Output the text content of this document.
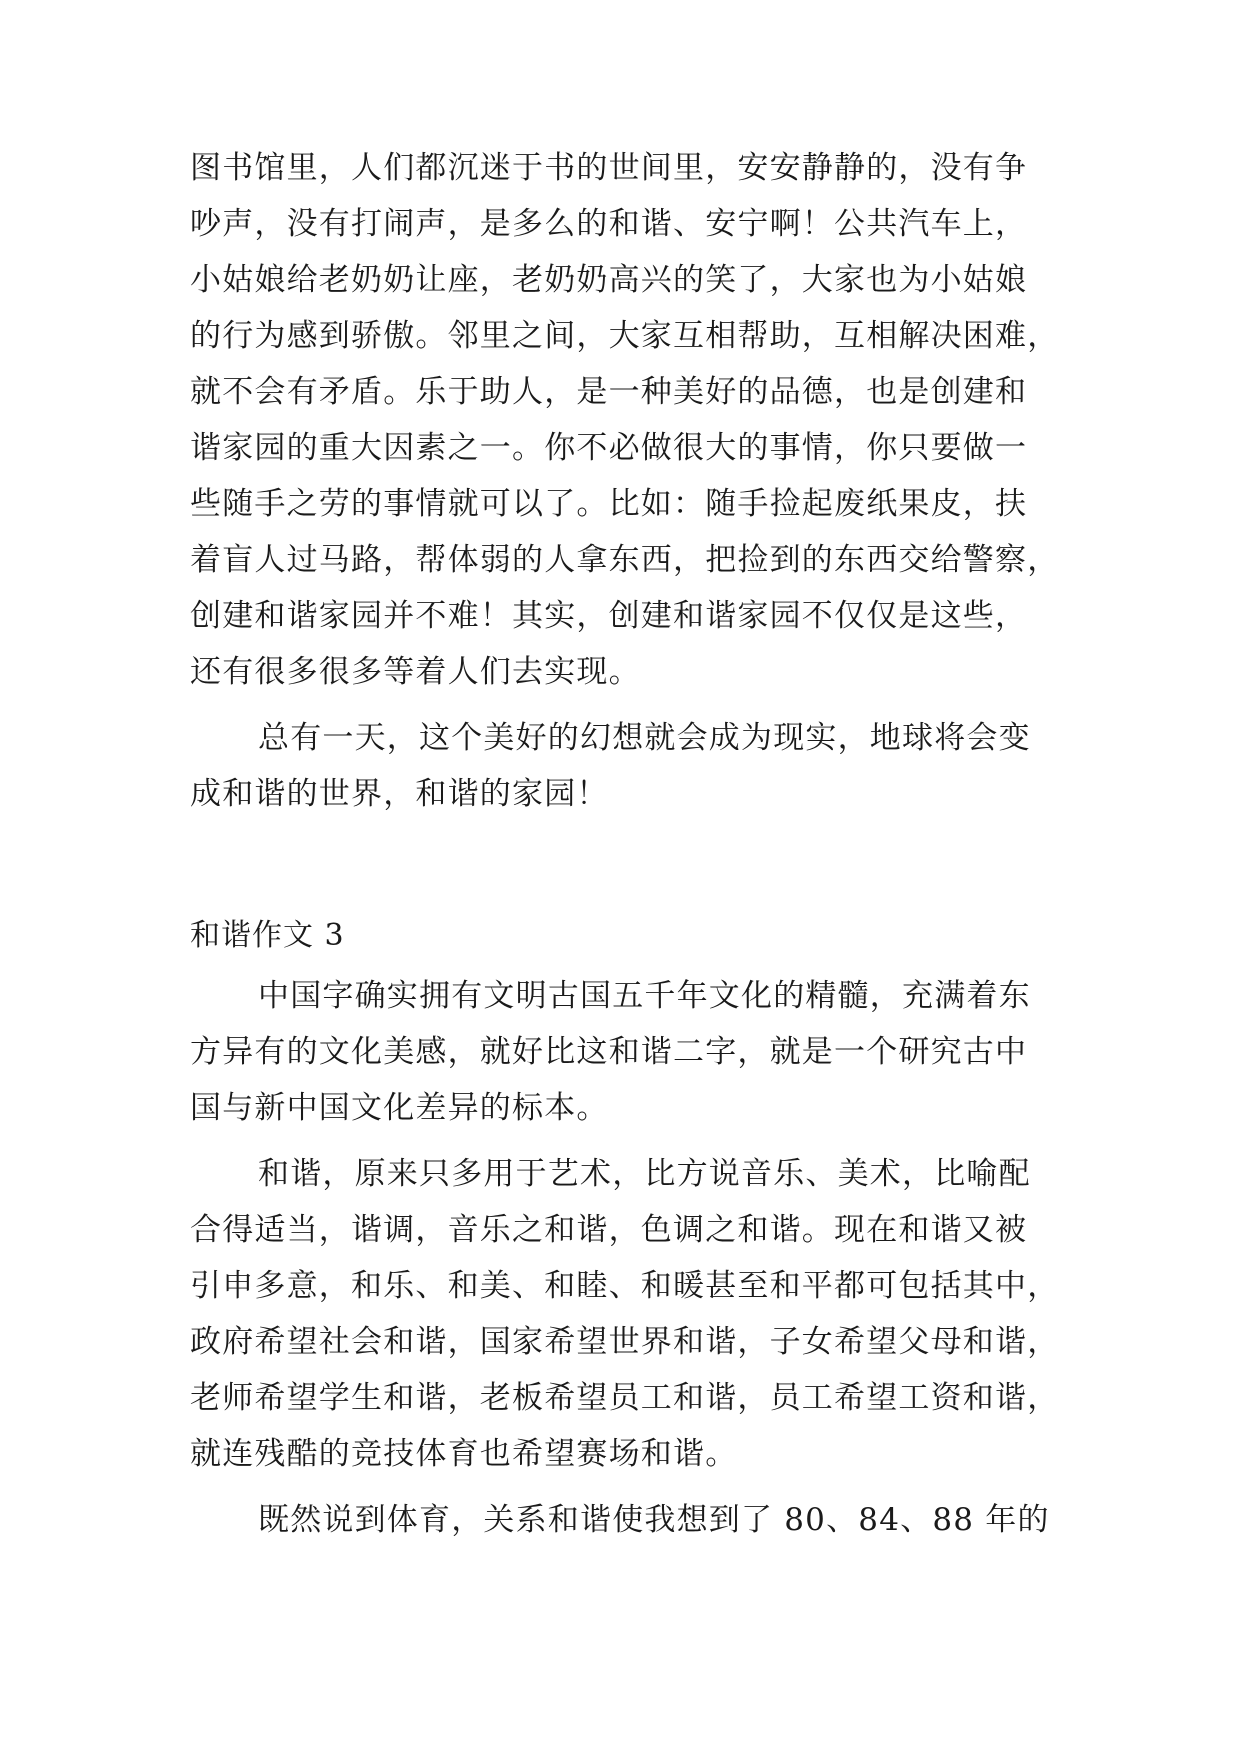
图书馆里，人们都沉迷于书的世间里，安安静静的，没有争
吵声，没有打闹声，是多么的和谐、安宁啊！公共汽车上，
小姑娘给老奶奶让座，老奶奶高兴的笑了，大家也为小姑娘
的行为感到骄傲。邻里之间，大家互相帮助，互相解决困难，
就不会有矛盾。乐于助人，是一种美好的品德，也是创建和
谐家园的重大因素之一。你不必做很大的事情，你只要做一
些随手之劳的事情就可以了。比如：随手捡起废纸果皮，扶
着盲人过马路，帮体弱的人拿东西，把捡到的东西交给警察，
创建和谐家园并不难！其实，创建和谐家园不仅仅是这些，
还有很多很多等着人们去实现。
总有一天，这个美好的幻想就会成为现实，地球将会变
成和谐的世界，和谐的家园！
和谐作文 3
中国字确实拥有文明古国五千年文化的精髓，充满着东
方异有的文化美感，就好比这和谐二字，就是一个研究古中
国与新中国文化差异的标本。
和谐，原来只多用于艺术，比方说音乐、美术，比喻配
合得适当，谐调，音乐之和谐，色调之和谐。现在和谐又被
引申多意，和乐、和美、和睦、和暖甚至和平都可包括其中，
政府希望社会和谐，国家希望世界和谐，子女希望父母和谐，
老师希望学生和谐，老板希望员工和谐，员工希望工资和谐，
就连残酷的竞技体育也希望赛场和谐。
既然说到体育，关系和谐使我想到了 80、84、88 年的
